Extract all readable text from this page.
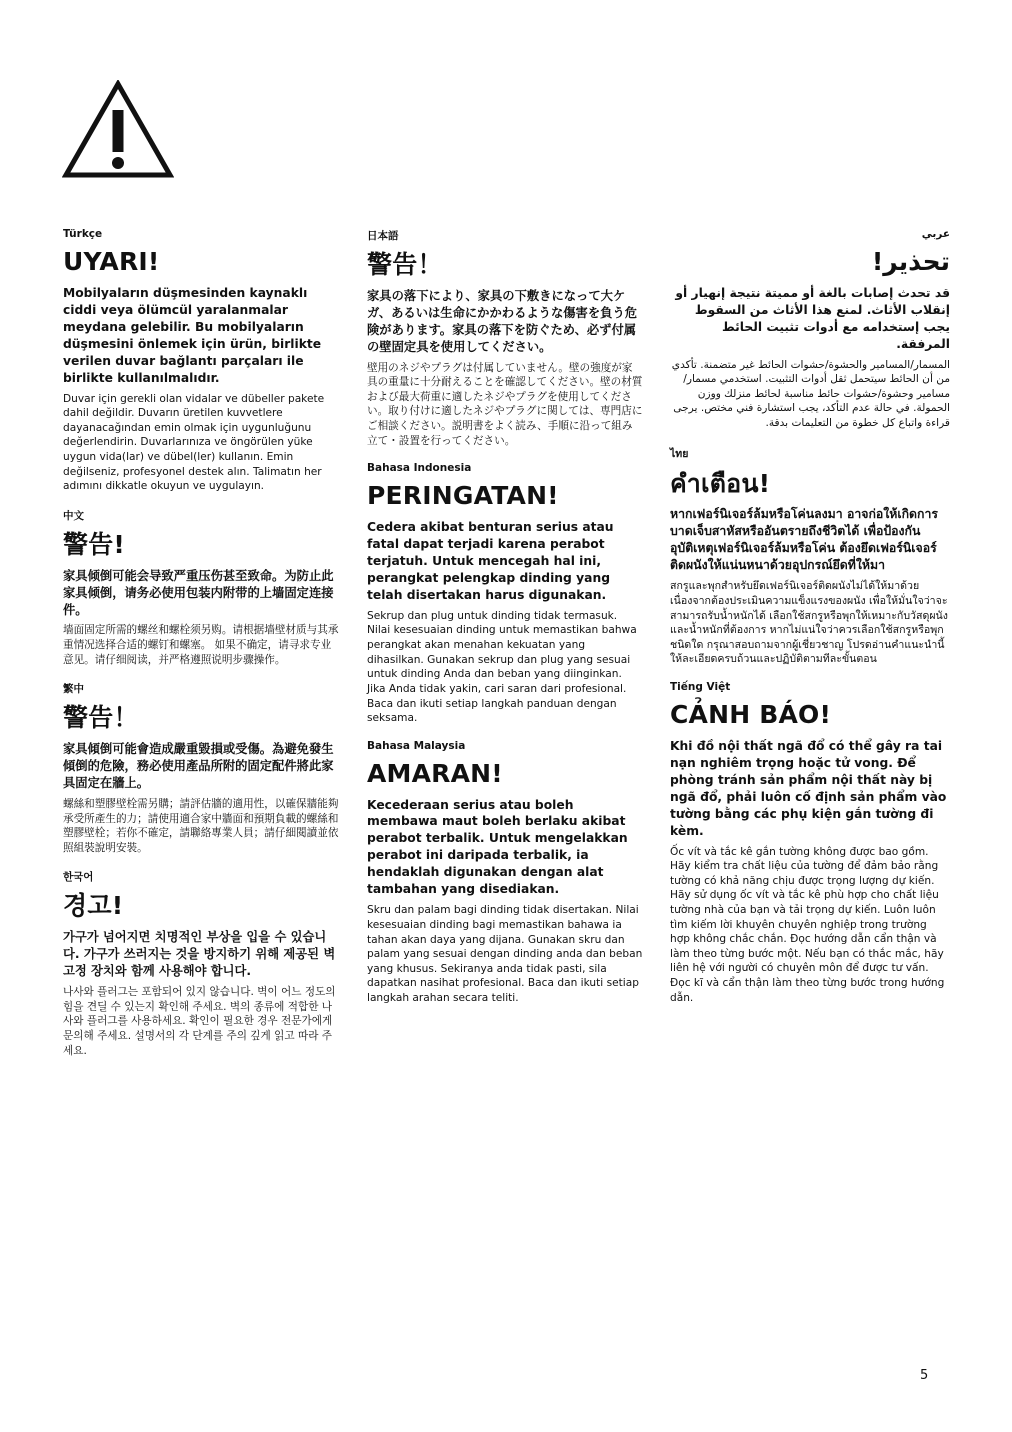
Türkçe
UYARI!
Mobilyaların düşmesinden kaynaklı ciddi veya ölümcül yaralanmalar meydana gelebilir. Bu mobilyaların düşmesini önlemek için ürün, birlikte verilen duvar bağlantı parçaları ile birlikte kullanılmalıdır.
Duvar için gerekli olan vidalar ve dübeller pakete dahil değildir. Duvarın üretilen kuvvetlere dayanacağından emin olmak için uygunluğunu değerlendirin. Duvarlarınıza ve öngörülen yüke uygun vida(lar) ve dübel(ler) kullanın. Emin değilseniz, profesyonel destek alın. Talimatın her adımını dikkatle okuyun ve uygulayın.
中文
警告!
家具倾倒可能会导致严重压伤甚至致命。为防止此家具倾倒，请务必使用包装内附带的上墙固定连接件。
墙面固定所需的螺丝和螺栓须另购。请根据墙壁材质与其承重情况选择合适的螺钉和螺塞。 如果不确定，请寻求专业意见。请仔细阅读，并严格遵照说明步骤操作。
繁中
警告！
家具傾倒可能會造成嚴重毀損或受傷。為避免發生傾倒的危險，務必使用產品所附的固定配件將此家具固定在牆上。
螺絲和塑膠壁栓需另購；請評估牆的適用性，以確保牆能夠承受所產生的力；請使用適合家中牆面和預期負載的螺絲和塑膠壁栓；若你不確定，請聯絡專業人員；請仔細閱讀並依照組裝說明安裝。
한국어
경고!
가구가 넘어지면 치명적인 부상을 입을 수 있습니다. 가구가 쓰러지는 것을 방지하기 위해 제공된 벽고정 장치와 함께 사용해야 합니다.
나사와 플러그는 포함되어 있지 않습니다. 벽이 어느 정도의 힘을 견딜 수 있는지 확인해 주세요. 벽의 종류에 적합한 나사와 플러그를 사용하세요. 확인이 필요한 경우 전문가에게 문의해 주세요. 설명서의 각 단계를 주의 깊게 읽고 따라 주세요.
日本語
警告！
家具の落下により、家具の下敷きになって大ケガ、あるいは生命にかかわるような傷害を負う危険があります。家具の落下を防ぐため、必ず付属の壁固定具を使用してください。
壁用のネジやプラグは付属していません。壁の強度が家具の重量に十分耐えることを確認してください。壁の材質および最大荷重に適したネジやプラグを使用してください。取り付けに適したネジやプラグに関しては、専門店にご相談ください。説明書をよく読み、手順に沿って組み立て・設置を行ってください。
Bahasa Indonesia
PERINGATAN!
Cedera akibat benturan serius atau fatal dapat terjadi karena perabot terjatuh. Untuk mencegah hal ini, perangkat pelengkap dinding yang telah disertakan harus digunakan.
Sekrup dan plug untuk dinding tidak termasuk. Nilai kesesuaian dinding untuk memastikan bahwa perangkat akan menahan kekuatan yang dihasilkan. Gunakan sekrup dan plug yang sesuai untuk dinding Anda dan beban yang diinginkan. Jika Anda tidak yakin, cari saran dari profesional. Baca dan ikuti setiap langkah panduan dengan seksama.
Bahasa Malaysia
AMARAN!
Kecederaan serius atau boleh membawa maut boleh berlaku akibat perabot terbalik. Untuk mengelakkan perabot ini daripada terbalik, ia hendaklah digunakan dengan alat tambahan yang disediakan.
Skru dan palam bagi dinding tidak disertakan. Nilai kesesuaian dinding bagi memastikan bahawa ia tahan akan daya yang dijana. Gunakan skru dan palam yang sesuai dengan dinding anda dan beban yang khusus. Sekiranya anda tidak pasti, sila dapatkan nasihat profesional. Baca dan ikuti setiap langkah arahan secara teliti.
عربي
تحذير!
قد تحدث إصابات بالغة أو مميتة نتيجة إنهيار أو إنقلاب الأثاث. لمنع هذا الأثاث من السقوط يجب إستخدامه مع أدوات تثبيت الحائط المرفقة.
المسمار/المسامير والحشوة/حشوات الحائط غير متضمنة. تأكدي من أن الحائط سيتحمل ثقل أدوات التثبيت. استخدمي مسمار/مسامير وحشوة/حشوات حائط مناسبة لحائط منزلك ووزن الحمولة. في حالة عدم التأكد، يجب استشارة فني مختص. يرجى قراءة واتباع كل خطوة من التعليمات بدقة.
ไทย
คำเตือน!
หากเฟอร์นิเจอร์ล้มหรือโค่นลงมา อาจก่อให้เกิดการบาดเจ็บสาหัสหรืออันตรายถึงชีวิตได้ เพื่อป้องกันอุบัติเหตุเฟอร์นิเจอร์ล้มหรือโค่น ต้องยึดเฟอร์นิเจอร์ติดผนังให้แน่นหนาด้วยอุปกรณ์ยึดที่ให้มา
สกรูและพุกสำหรับยึดเฟอร์นิเจอร์ติดผนังไม่ได้ให้มาด้วย เนื่องจากต้องประเมินความแข็งแรงของผนัง เพื่อให้มั่นใจว่าจะสามารถรับน้ำหนักได้ เลือกใช้สกรูหรือพุกให้เหมาะกับวัสดุผนังและน้ำหนักที่ต้องการ หากไม่แน่ใจว่าควรเลือกใช้สกรูหรือพุกชนิดใด กรุณาสอบถามจากผู้เชี่ยวชาญ โปรดอ่านคำแนะนำนี้ให้ละเอียดครบถ้วนและปฏิบัติตามทีละขั้นตอน
Tiếng Việt
CẢNH BÁO!
Khi đồ nội thất ngã đổ có thể gây ra tai nạn nghiêm trọng hoặc tử vong. Để phòng tránh sản phẩm nội thất này bị ngã đổ, phải luôn cố định sản phẩm vào tường bằng các phụ kiện gắn tường đi kèm.
Ốc vít và tắc kê gắn tường không được bao gồm. Hãy kiểm tra chất liệu của tường để đảm bảo rằng tường có khả năng chịu được trọng lượng dự kiến. Hãy sử dụng ốc vít và tắc kê phù hợp cho chất liệu tường nhà của bạn và tải trọng dự kiến. Luôn luôn tìm kiếm lời khuyên chuyên nghiệp trong trường hợp không chắc chắn. Đọc hướng dẫn cẩn thận và làm theo từng bước một. Nếu bạn có thắc mắc, hãy liên hệ với người có chuyên môn để được tư vấn. Đọc kĩ và cẩn thận làm theo từng bước trong hướng dẫn.
5
